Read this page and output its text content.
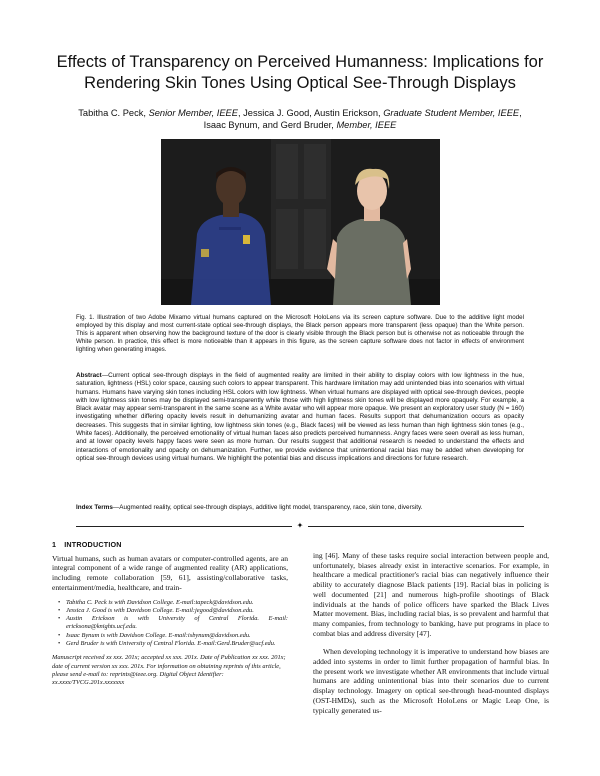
Effects of Transparency on Perceived Humanness: Implications for Rendering Skin Tones Using Optical See-Through Displays
Tabitha C. Peck, Senior Member, IEEE, Jessica J. Good, Austin Erickson, Graduate Student Member, IEEE,
Isaac Bynum, and Gerd Bruder, Member, IEEE
Fig. 1. Illustration of two Adobe Mixamo virtual humans captured on the Microsoft HoloLens via its screen capture software. Due to the additive light model employed by this display and most current-state optical see-through displays, the Black person appears more transparent (less opaque) than the White person. This is apparent when observing how the background texture of the door is clearly visible through the Black person but is otherwise not as noticeable through the White person. In practice, this effect is more noticeable than it appears in this figure, as the screen capture software does not factor in effects of environment lighting when generating images.
Abstract—Current optical see-through displays in the field of augmented reality are limited in their ability to display colors with low lightness in the hue, saturation, lightness (HSL) color space, causing such colors to appear transparent. This hardware limitation may add unintended bias into scenarios with virtual humans. Humans have varying skin tones including HSL colors with low lightness. When virtual humans are displayed with optical see-through devices, people with low lightness skin tones may be displayed semi-transparently while those with high lightness skin tones will be displayed more opaquely. For example, a Black avatar may appear semi-transparent in the same scene as a White avatar who will appear more opaque. We present an exploratory user study (N = 160) investigating whether differing opacity levels result in dehumanizing avatar and human faces. Results support that dehumanization occurs as opacity decreases. This suggests that in similar lighting, low lightness skin tones (e.g., Black faces) will be viewed as less human than high lightness skin tones (e.g., White faces). Additionally, the perceived emotionality of virtual human faces also predicts perceived humanness. Angry faces were seen overall as less human, and at lower opacity levels happy faces were seen as more human. Our results suggest that additional research is needed to understand the effects and interactions of emotionality and opacity on dehumanization. Further, we provide evidence that unintentional racial bias may be added when developing for optical see-through devices using virtual humans. We highlight the potential bias and discuss implications and directions for future research.
Index Terms—Augmented reality, optical see-through displays, additive light model, transparency, race, skin tone, diversity.
✦
1 INTRODUCTION

Virtual humans, such as human avatars or computer-controlled agents, are an integral component of a wide range of augmented reality (AR) applications, including remote collaboration [59, 61], assisting/collaborative tasks, entertainment/media, healthcare, and train-

• Tabitha C. Peck is with Davidson College. E-mail:tapeck@davidson.edu.
• Jessica J. Good is with Davidson College. E-mail:jegood@davidson.edu.
• Austin Erickson is with University of Central Florida. E-mail: ericksona@knights.ucf.edu.
• Isaac Bynum is with Davidson College. E-mail:isbynum@davidson.edu.
• Gerd Bruder is with University of Central Florida. E-mail:Gerd.Bruder@ucf.edu.
Manuscript received xx xxx. 201x; accepted xx xxx. 201x. Date of Publication xx xxx. 201x; date of current version xx xxx. 201x. For information on obtaining reprints of this article, please send e-mail to: reprints@ieee.org. Digital Object Identifier: xx.xxxx/TVCG.201x.xxxxxxx

ing [46]. Many of these tasks require social interaction between people and, unfortunately, biases already exist in interactive scenarios. For example, in healthcare a medical practitioner's racial bias can negatively influence their ability to accurately diagnose Black patients [19]. Racial bias in policing is well documented [21] and numerous high-profile shootings of Black individuals at the hands of police officers have sparked the Black Lives Matter movement. Bias, including racial bias, is so prevalent and harmful that many companies, from technology to banking, have put programs in place to combat bias and address diversity [47].

When developing technology it is imperative to understand how biases are added into systems in order to limit further propagation of harmful bias. In the present work we investigate whether AR environments that include virtual humans are adding unintentional bias into their scenarios due to current display technology. Imagery on optical see-through head-mounted displays (OST-HMDs), such as the Microsoft HoloLens or Magic Leap One, is typically generated us-
